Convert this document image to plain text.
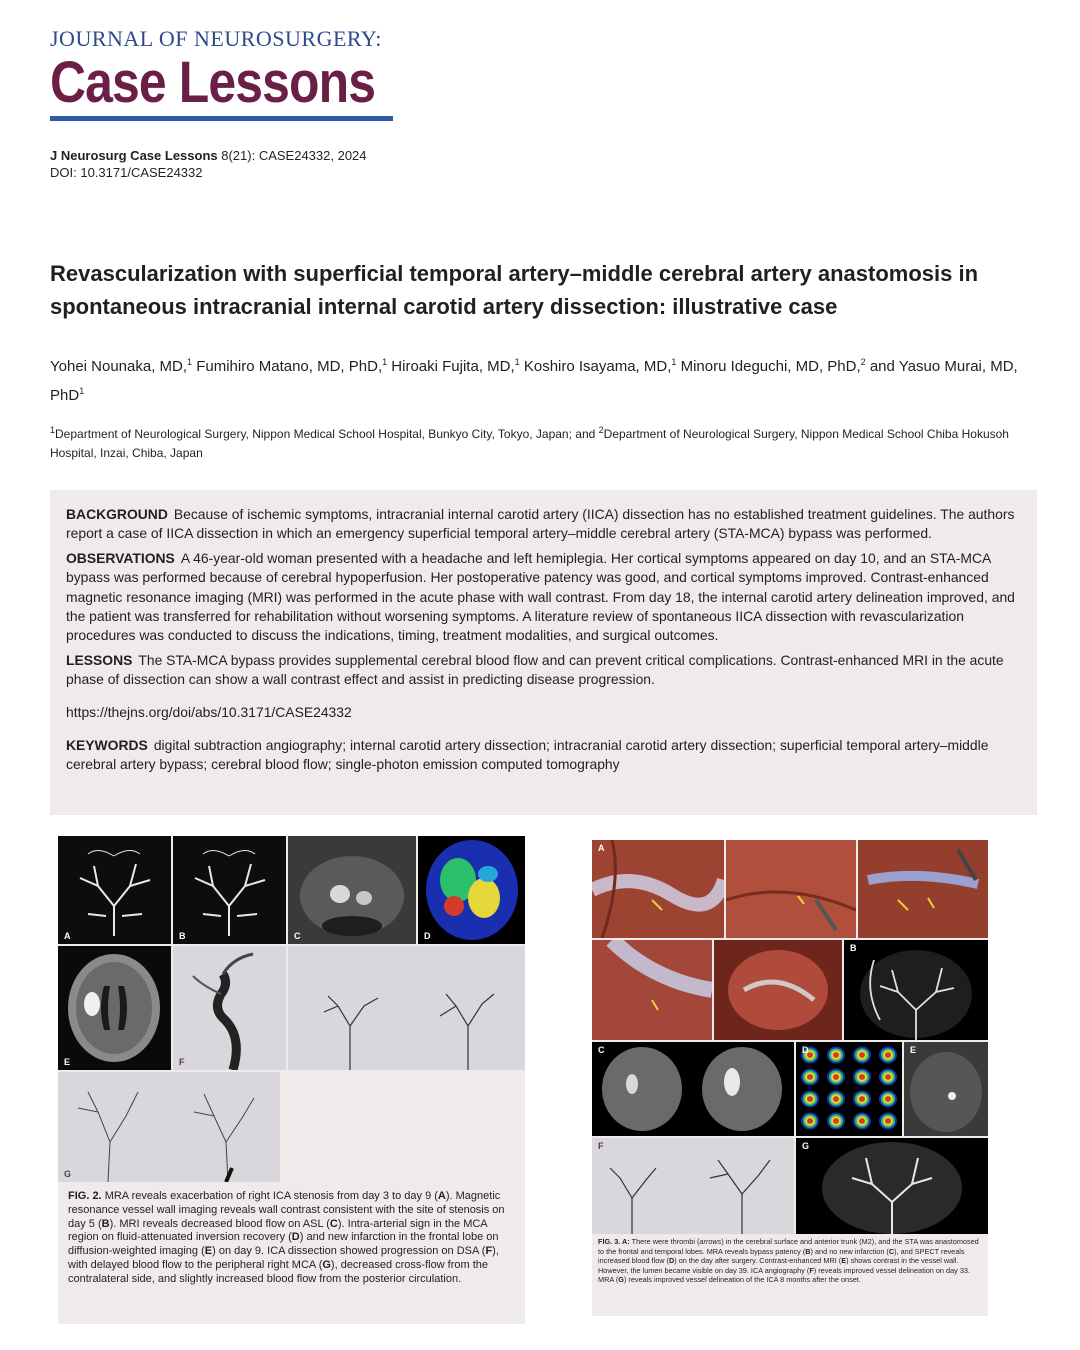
JOURNAL OF NEUROSURGERY:
Case Lessons
J Neurosurg Case Lessons 8(21): CASE24332, 2024
DOI: 10.3171/CASE24332
Revascularization with superficial temporal artery–middle cerebral artery anastomosis in spontaneous intracranial internal carotid artery dissection: illustrative case
Yohei Nounaka, MD,$^1$ Fumihiro Matano, MD, PhD,$^1$ Hiroaki Fujita, MD,$^1$ Koshiro Isayama, MD,$^1$ Minoru Ideguchi, MD, PhD,$^2$ and Yasuo Murai, MD, PhD$^1$
$^1$Department of Neurological Surgery, Nippon Medical School Hospital, Bunkyo City, Tokyo, Japan; and $^2$Department of Neurological Surgery, Nippon Medical School Chiba Hokusoh Hospital, Inzai, Chiba, Japan

BACKGROUND Because of ischemic symptoms, intracranial internal carotid artery (IICA) dissection has no established treatment guidelines. The authors report a case of IICA dissection in which an emergency superficial temporal artery–middle cerebral artery (STA-MCA) bypass was performed.

OBSERVATIONS A 46-year-old woman presented with a headache and left hemiplegia. Her cortical symptoms appeared on day 10, and an STA-MCA bypass was performed because of cerebral hypoperfusion. Her postoperative patency was good, and cortical symptoms improved. Contrast-enhanced magnetic resonance imaging (MRI) was performed in the acute phase with wall contrast. From day 18, the internal carotid artery delineation improved, and the patient was transferred for rehabilitation without worsening symptoms. A literature review of spontaneous IICA dissection with revascularization procedures was conducted to discuss the indications, timing, treatment modalities, and surgical outcomes.

LESSONS The STA-MCA bypass provides supplemental cerebral blood flow and can prevent critical complications. Contrast-enhanced MRI in the acute phase of dissection can show a wall contrast effect and assist in predicting disease progression.

https://thejns.org/doi/abs/10.3171/CASE24332

KEYWORDS digital subtraction angiography; internal carotid artery dissection; intracranial carotid artery dissection; superficial temporal artery–middle cerebral artery bypass; cerebral blood flow; single-photon emission computed tomography

A	B	C	D
E	F
G
FIG. 2. MRA reveals exacerbation of right ICA stenosis from day 3 to day 9 (A). Magnetic resonance vessel wall imaging reveals wall contrast consistent with the site of stenosis on day 5 (B). MRI reveals decreased blood flow on ASL (C). Intra-arterial sign in the MCA region on fluid-attenuated inversion recovery (D) and new infarction in the frontal lobe on diffusion-weighted imaging (E) on day 9. ICA dissection showed progression on DSA (F), with delayed blood flow to the peripheral right MCA (G), decreased cross-flow from the contralateral side, and slightly increased blood flow from the posterior circulation.
A
B
C	D	E
F	G
FIG. 3. A: There were thrombi (arrows) in the cerebral surface and anterior trunk (M2), and the STA was anastomosed to the frontal and temporal lobes. MRA reveals bypass patency (B) and no new infarction (C), and SPECT reveals increased blood flow (D) on the day after surgery. Contrast-enhanced MRI (E) shows contrast in the vessel wall. However, the lumen became visible on day 39. ICA angiography (F) reveals improved vessel delineation on day 33. MRA (G) reveals improved vessel delineation of the ICA 8 months after the onset.
